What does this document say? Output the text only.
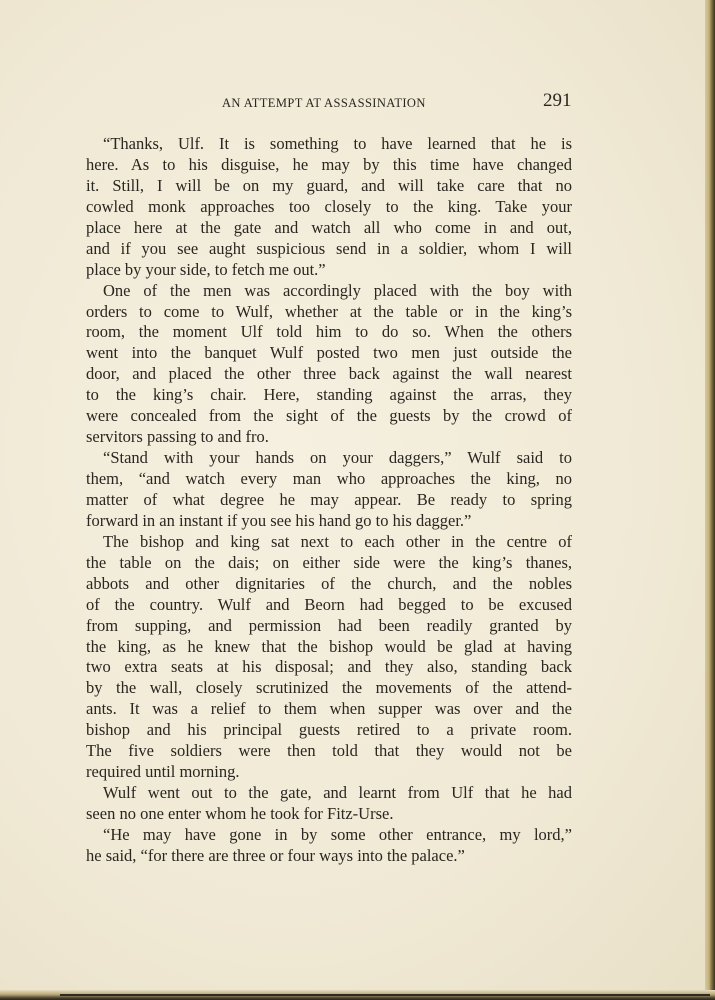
AN ATTEMPT AT ASSASSINATION	291
“Thanks, Ulf. It is something to have learned that he is
here. As to his disguise, he may by this time have changed
it. Still, I will be on my guard, and will take care that no
cowled monk approaches too closely to the king. Take your
place here at the gate and watch all who come in and out,
and if you see aught suspicious send in a soldier, whom I will
place by your side, to fetch me out.”
One of the men was accordingly placed with the boy with
orders to come to Wulf, whether at the table or in the king’s
room, the moment Ulf told him to do so. When the others
went into the banquet Wulf posted two men just outside the
door, and placed the other three back against the wall nearest
to the king’s chair. Here, standing against the arras, they
were concealed from the sight of the guests by the crowd of
servitors passing to and fro.
“Stand with your hands on your daggers,” Wulf said to
them, “and watch every man who approaches the king, no
matter of what degree he may appear. Be ready to spring
forward in an instant if you see his hand go to his dagger.”
The bishop and king sat next to each other in the centre of
the table on the dais; on either side were the king’s thanes,
abbots and other dignitaries of the church, and the nobles
of the country. Wulf and Beorn had begged to be excused
from supping, and permission had been readily granted by
the king, as he knew that the bishop would be glad at having
two extra seats at his disposal; and they also, standing back
by the wall, closely scrutinized the movements of the attend-
ants. It was a relief to them when supper was over and the
bishop and his principal guests retired to a private room.
The five soldiers were then told that they would not be
required until morning.
Wulf went out to the gate, and learnt from Ulf that he had
seen no one enter whom he took for Fitz-Urse.
“He may have gone in by some other entrance, my lord,”
he said, “for there are three or four ways into the palace.”
